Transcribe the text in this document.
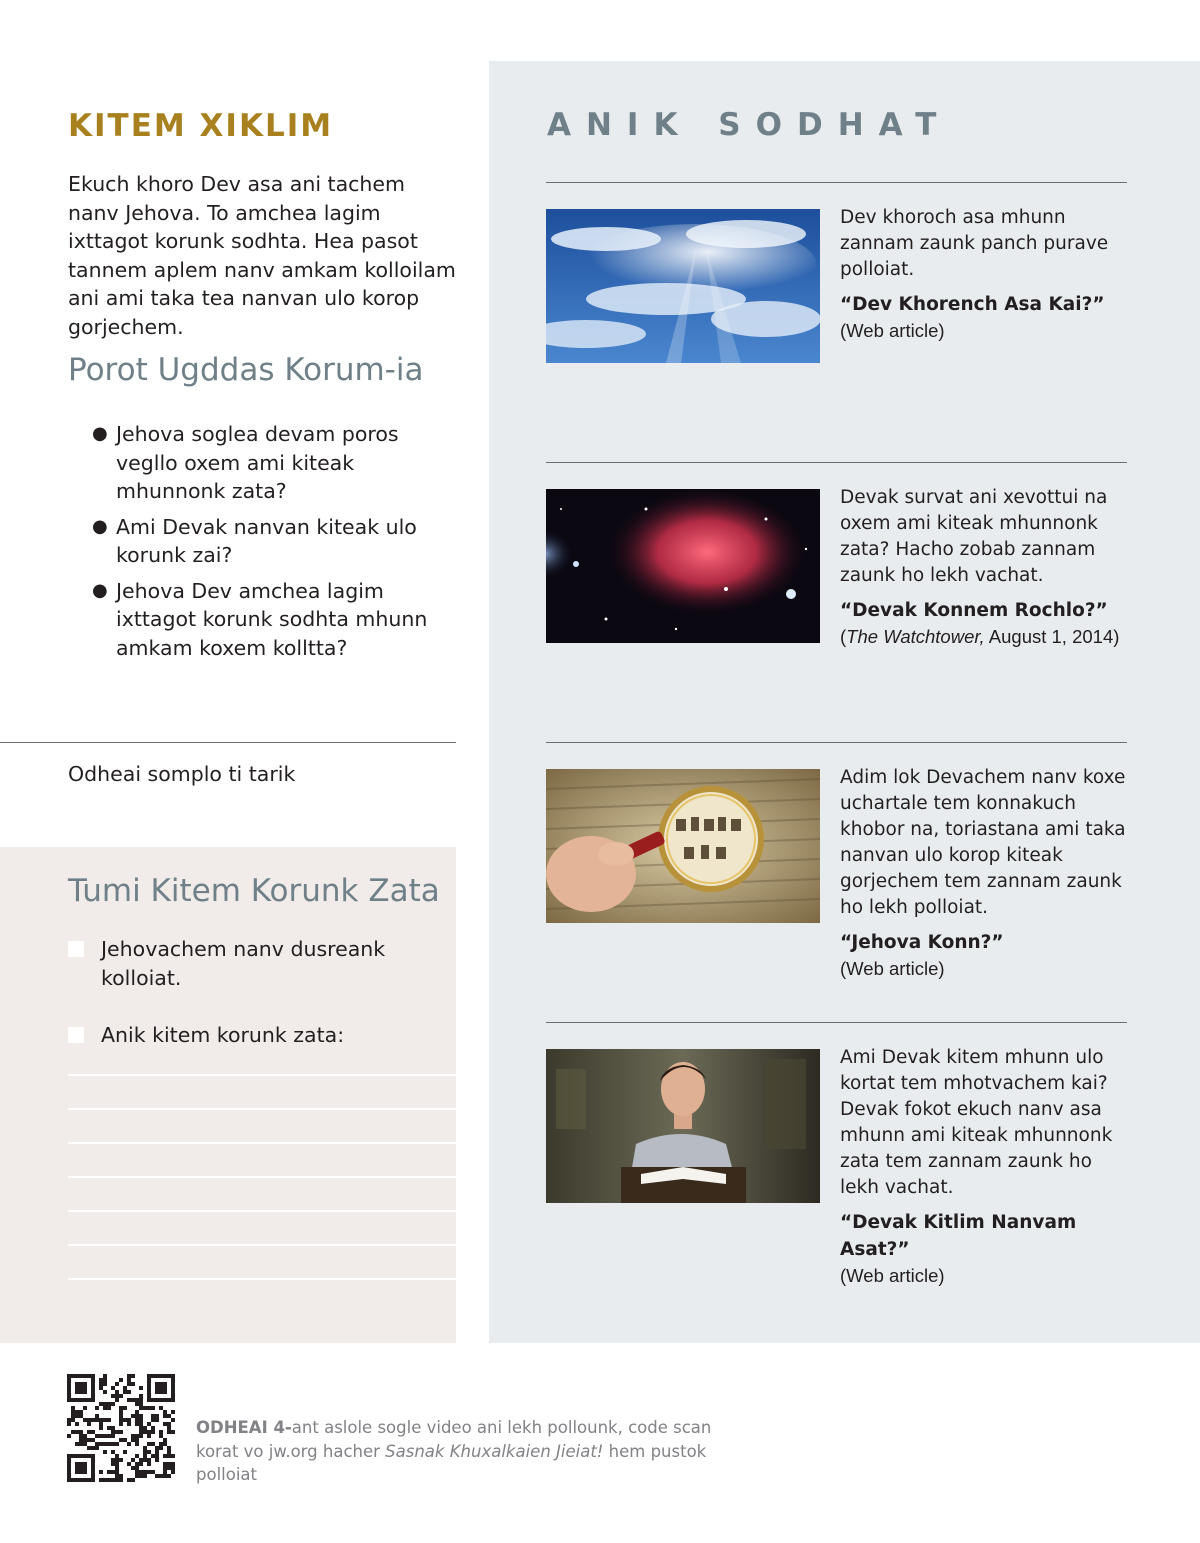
KITEM XIKLIM

Ekuch khoro Dev asa ani tachem nanv Jehova. To amchea lagim ixttagot korunk sodhta. Hea pasot tannem aplem nanv amkam kolloilam ani ami taka tea nanvan ulo korop gorjechem.

Porot Ugddas Korum-ia
● Jehova soglea devam poros vegllo oxem ami kiteak mhunnonk zata?
● Ami Devak nanvan kiteak ulo korunk zai?
● Jehova Dev amchea lagim ixttagot korunk sodhta mhunn amkam koxem kolltta?
Odheai somplo ti tarik
Tumi Kitem Korunk Zata
Jehovachem nanv dusreank kolloiat.
Anik kitem korunk zata:
ANIK SODHAT
Dev khoroch asa mhunn zannam zaunk panch purave polloiat.
“Dev Khorench Asa Kai?” (Web article)
Devak survat ani xevottui na oxem ami kiteak mhunnonk zata? Hacho zobab zannam zaunk ho lekh vachat.
“Devak Konnem Rochlo?”
(The Watchtower, August 1, 2014)
Adim lok Devachem nanv koxe uchartale tem konnakuch khobor na, toriastana ami taka nanvan ulo korop kiteak gorjechem tem zannam zaunk ho lekh polloiat.
“Jehova Konn?”
(Web article)
Ami Devak kitem mhunn ulo kortat tem mhotvachem kai? Devak fokot ekuch nanv asa mhunn ami kiteak mhunnonk zata tem zannam zaunk ho lekh vachat.
“Devak Kitlim Nanvam Asat?”
(Web article)
ODHEAI 4-ant aslole sogle video ani lekh pollounk, code scan korat vo jw.org hacher Sasnak Khuxalkaien Jieiat! hem pustok polloiat
